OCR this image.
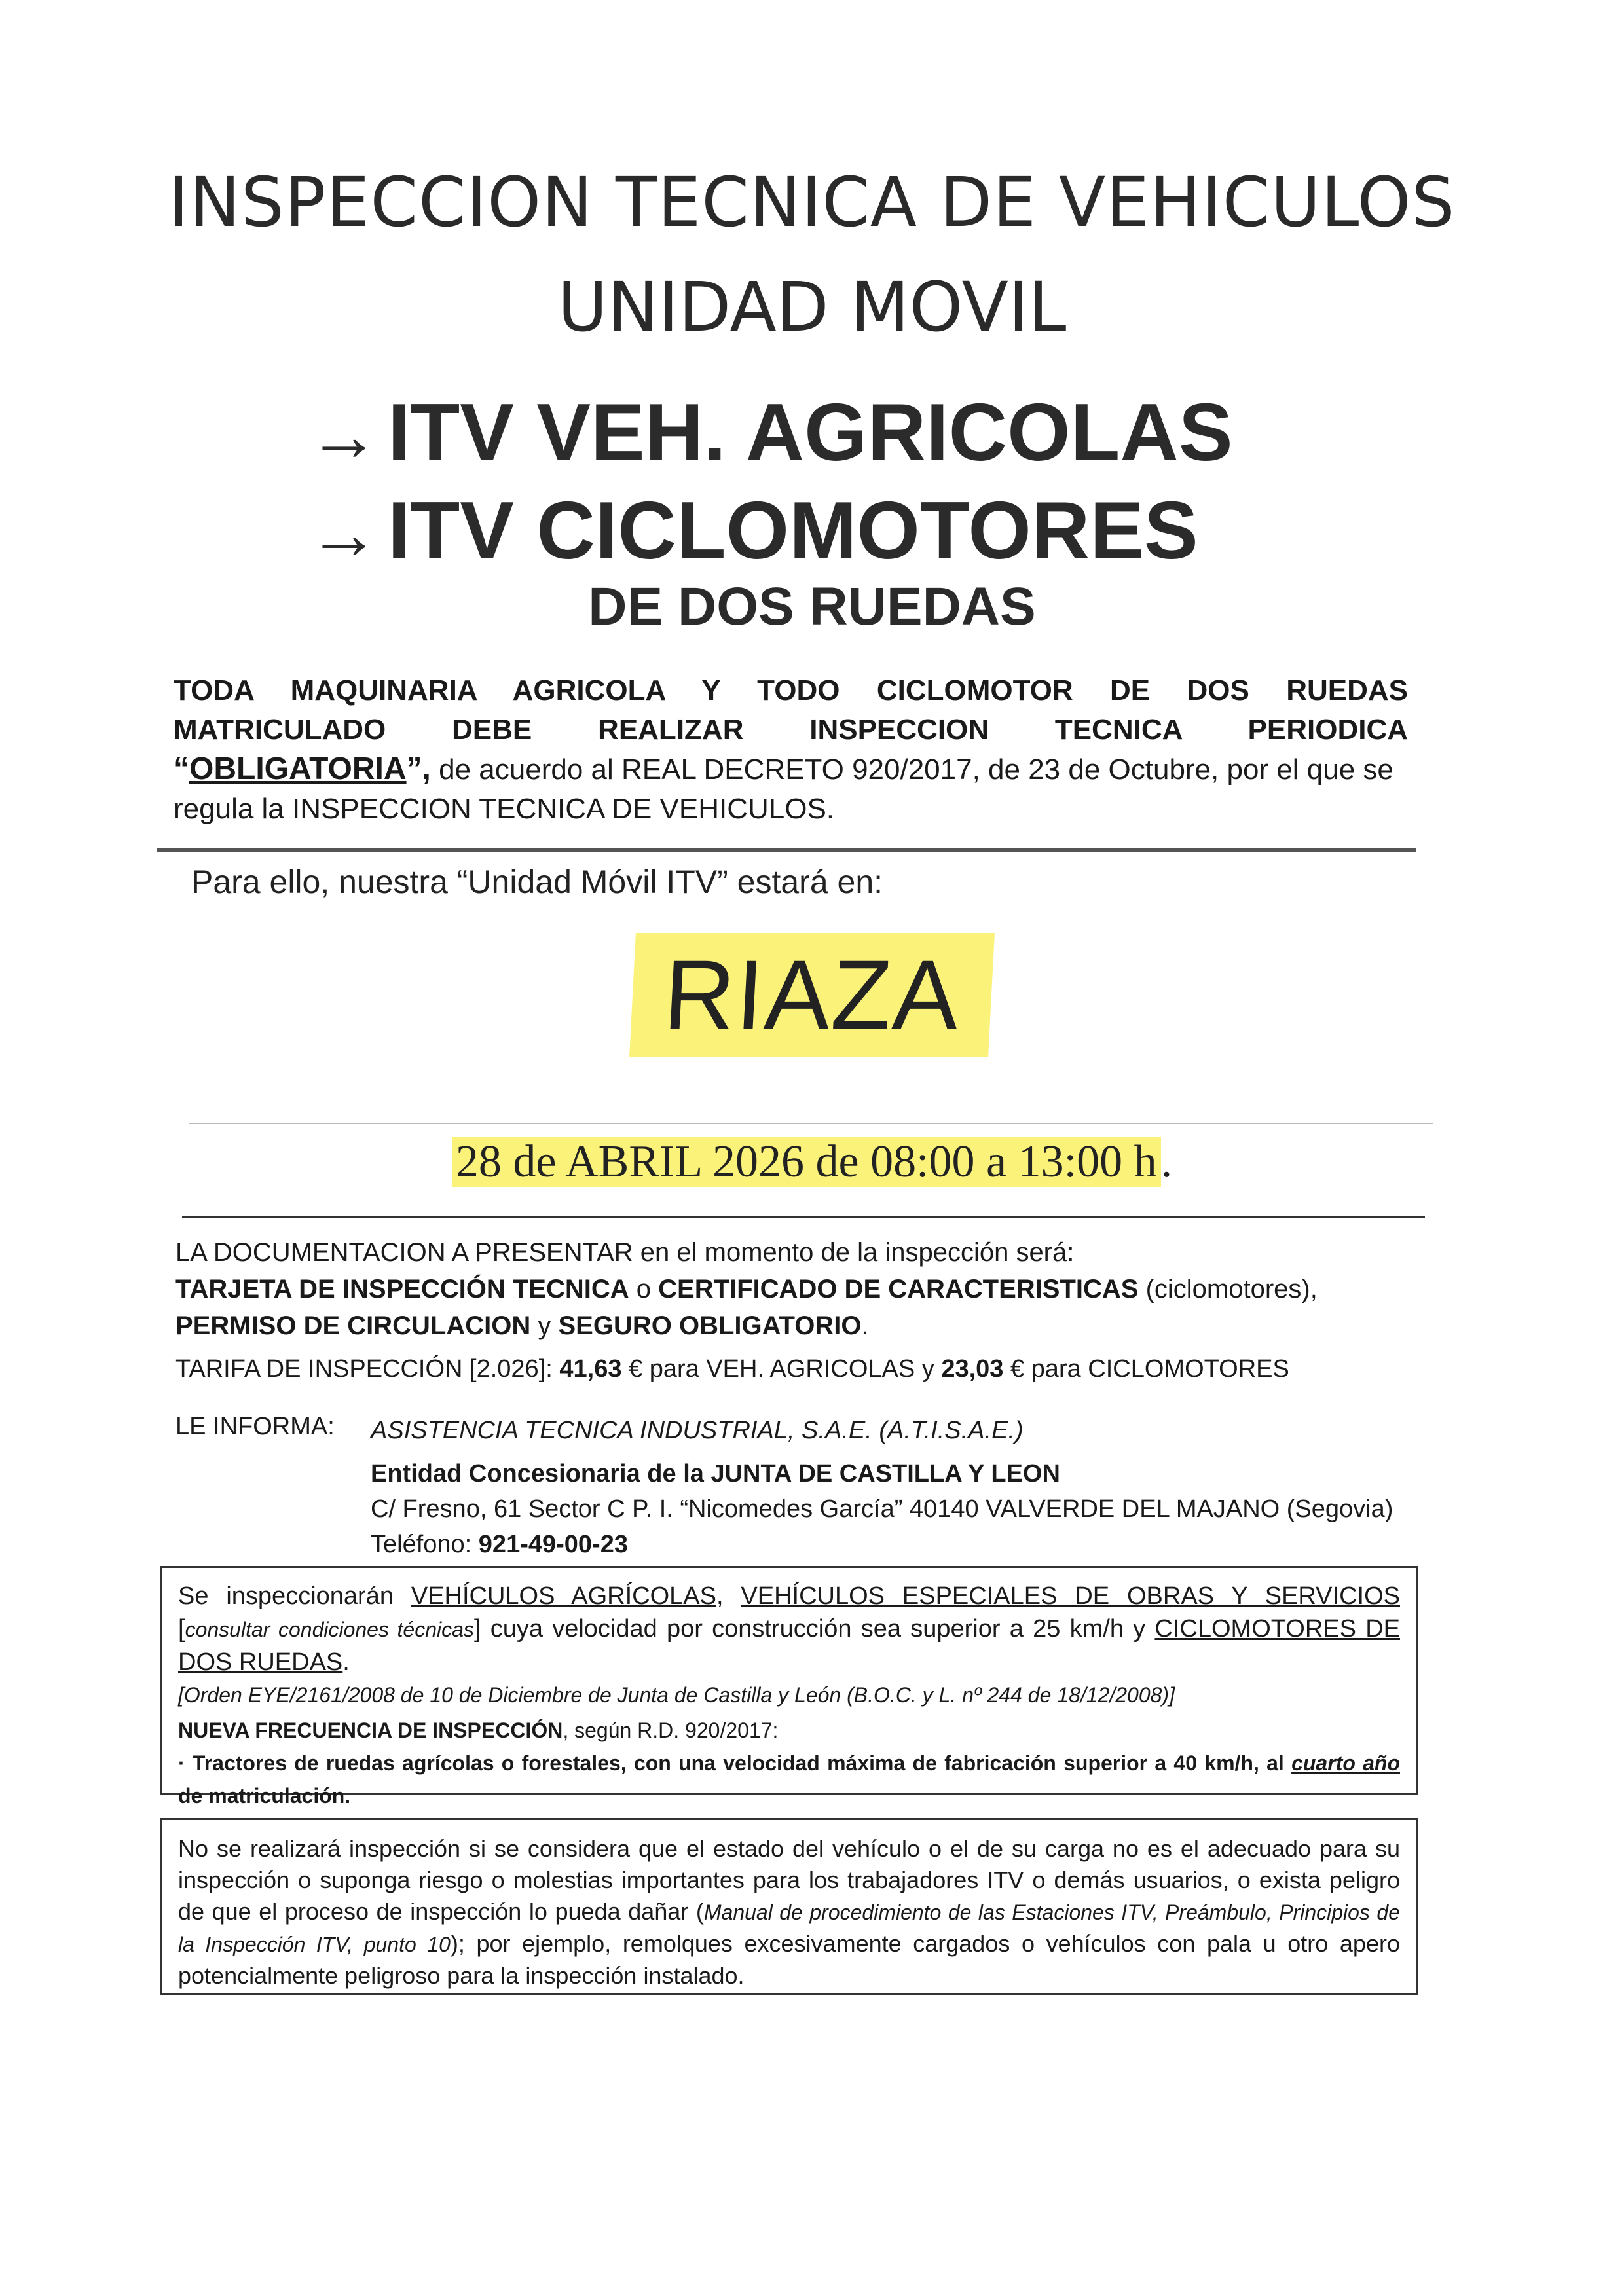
INSPECCION TECNICA DE VEHICULOS
UNIDAD MOVIL
→ITV VEH. AGRICOLAS
→ITV CICLOMOTORES
DE DOS RUEDAS
TODA MAQUINARIA AGRICOLA Y TODO CICLOMOTOR DE DOS RUEDAS
MATRICULADO DEBE REALIZAR INSPECCION TECNICA PERIODICA
“OBLIGATORIA”, de acuerdo al REAL DECRETO 920/2017, de 23 de Octubre, por el que se
regula la INSPECCION TECNICA DE VEHICULOS.
Para ello, nuestra “Unidad Móvil ITV” estará en:
RIAZA
28 de ABRIL 2026 de 08:00 a 13:00 h.
LA DOCUMENTACION A PRESENTAR en el momento de la inspección será:
TARJETA DE INSPECCIÓN TECNICA o CERTIFICADO DE CARACTERISTICAS (ciclomotores),
PERMISO DE CIRCULACION y SEGURO OBLIGATORIO.
TARIFA DE INSPECCIÓN [2.026]: 41,63 € para VEH. AGRICOLAS y 23,03 € para CICLOMOTORES
LE INFORMA: ASISTENCIA TECNICA INDUSTRIAL, S.A.E. (A.T.I.S.A.E.)
Entidad Concesionaria de la JUNTA DE CASTILLA Y LEON
C/ Fresno, 61 Sector C P. I. “Nicomedes García” 40140 VALVERDE DEL MAJANO (Segovia)
Teléfono: 921-49-00-23
Se inspeccionarán VEHÍCULOS AGRÍCOLAS, VEHÍCULOS ESPECIALES DE OBRAS Y SERVICIOS [consultar condiciones técnicas] cuya velocidad por construcción sea superior a 25 km/h y CICLOMOTORES DE DOS RUEDAS.
[Orden EYE/2161/2008 de 10 de Diciembre de Junta de Castilla y León (B.O.C. y L. nº 244 de 18/12/2008)]
NUEVA FRECUENCIA DE INSPECCIÓN, según R.D. 920/2017:
· Tractores de ruedas agrícolas o forestales, con una velocidad máxima de fabricación superior a 40 km/h, al cuarto año de matriculación.
No se realizará inspección si se considera que el estado del vehículo o el de su carga no es el adecuado para su inspección o suponga riesgo o molestias importantes para los trabajadores ITV o demás usuarios, o exista peligro de que el proceso de inspección lo pueda dañar (Manual de procedimiento de las Estaciones ITV, Preámbulo, Principios de la Inspección ITV, punto 10); por ejemplo, remolques excesivamente cargados o vehículos con pala u otro apero potencialmente peligroso para la inspección instalado.
